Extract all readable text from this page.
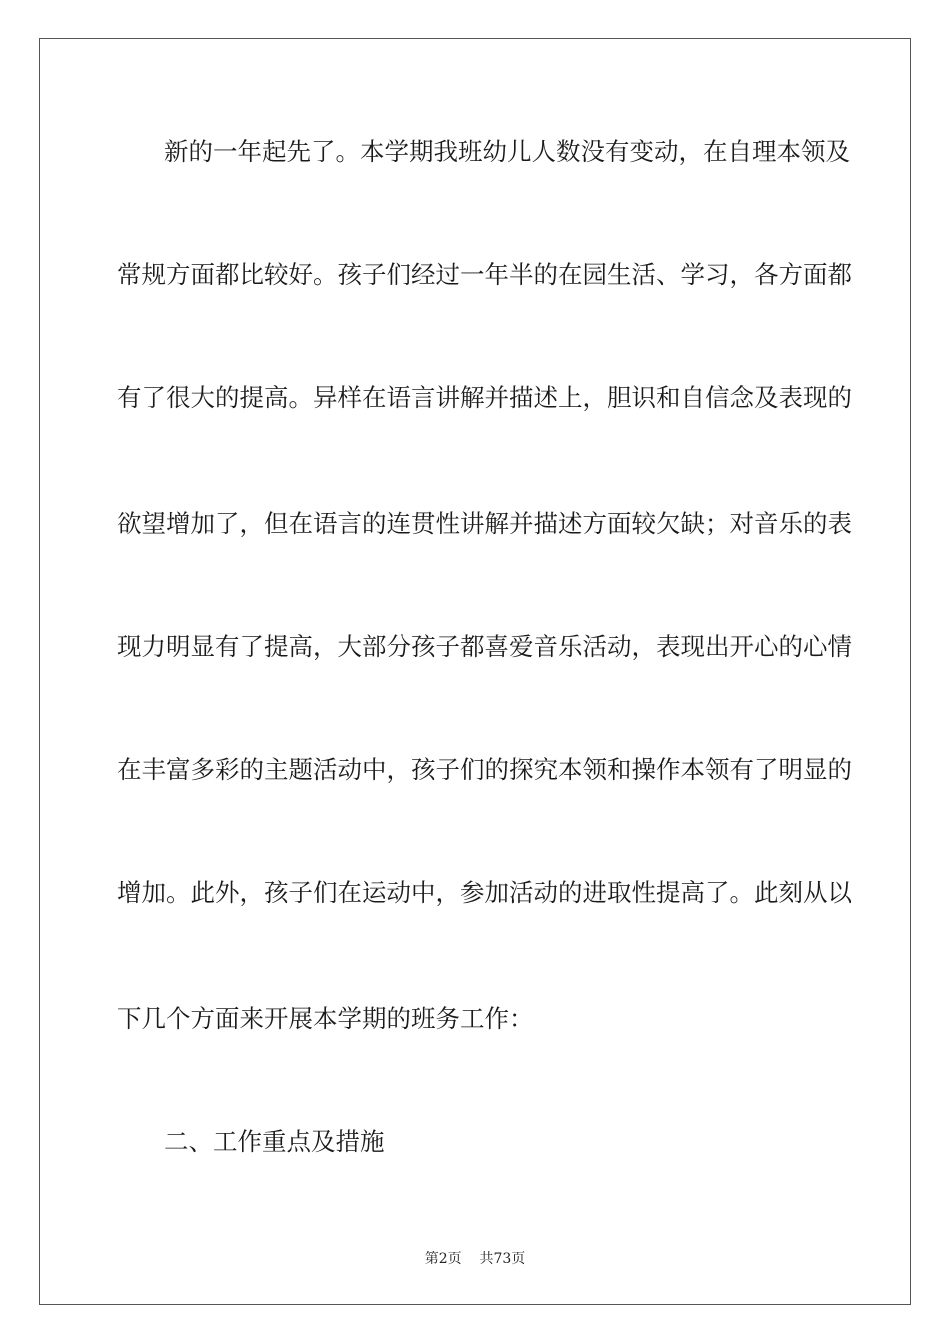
新的一年起先了。本学期我班幼儿人数没有变动，在自理本领及
常规方面都比较好。孩子们经过一年半的在园生活、学习，各方面都
有了很大的提高。异样在语言讲解并描述上，胆识和自信念及表现的
欲望增加了，但在语言的连贯性讲解并描述方面较欠缺；对音乐的表
现力明显有了提高，大部分孩子都喜爱音乐活动，表现出开心的心情
在丰富多彩的主题活动中，孩子们的探究本领和操作本领有了明显的
增加。此外，孩子们在运动中，参加活动的进取性提高了。此刻从以
下几个方面来开展本学期的班务工作：
二、工作重点及措施
第2页    共73页
